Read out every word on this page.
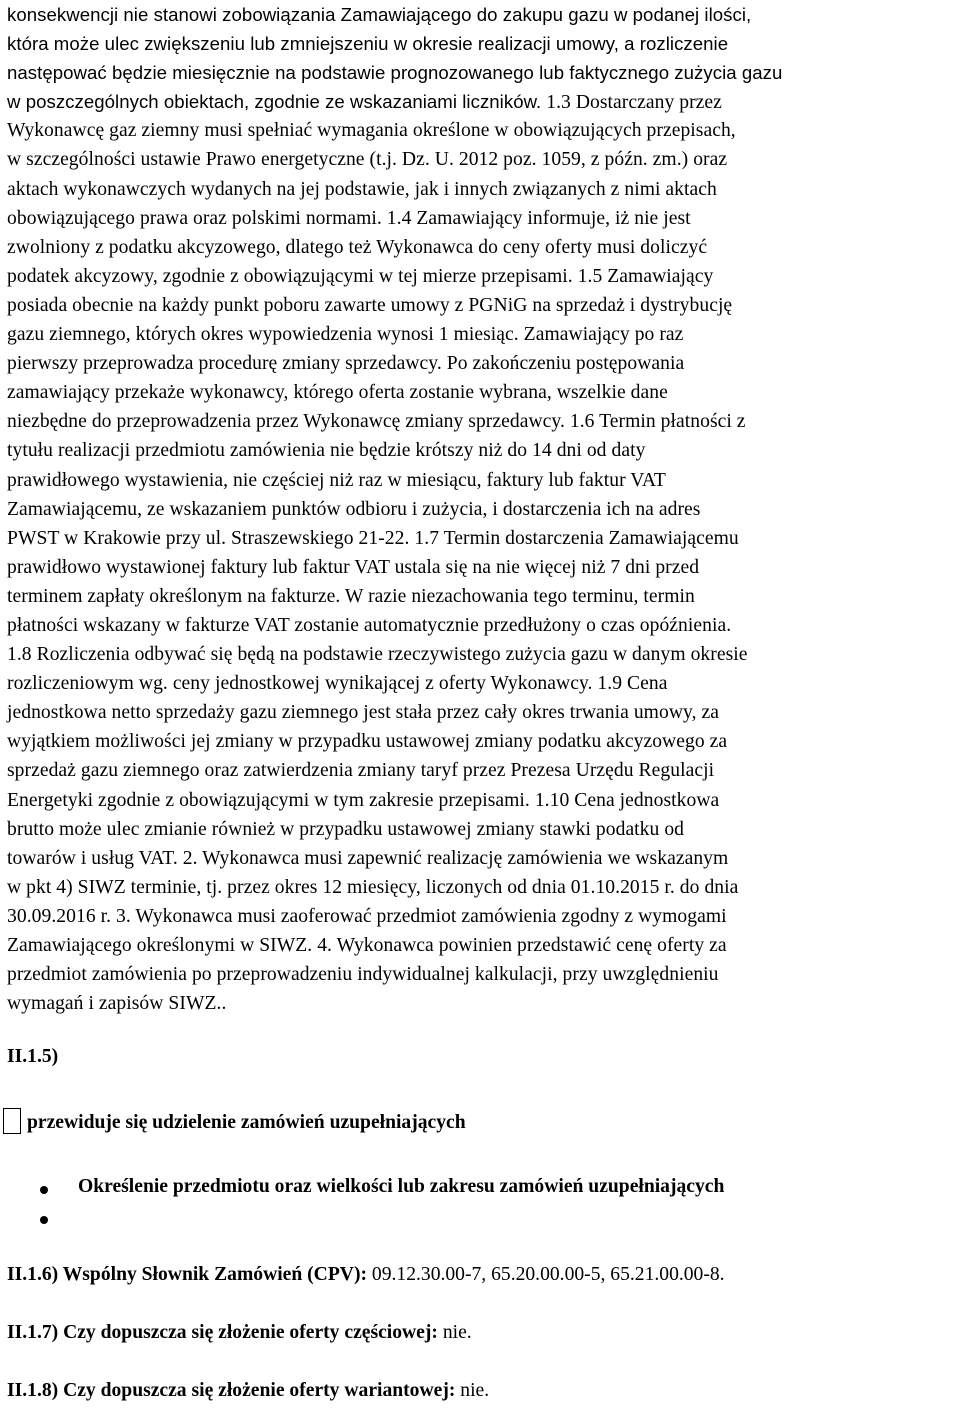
konsekwencji nie stanowi zobowiązania Zamawiającego do zakupu gazu w podanej ilości,
która może ulec zwiększeniu lub zmniejszeniu w okresie realizacji umowy, a rozliczenie
następować będzie miesięcznie na podstawie prognozowanego lub faktycznego zużycia gazu
w poszczególnych obiektach, zgodnie ze wskazaniami liczników. 1.3 Dostarczany przez
Wykonawcę gaz ziemny musi spełniać wymagania określone w obowiązujących przepisach,
w szczególności ustawie Prawo energetyczne (t.j. Dz. U. 2012 poz. 1059, z późn. zm.) oraz
aktach wykonawczych wydanych na jej podstawie, jak i innych związanych z nimi aktach
obowiązującego prawa oraz polskimi normami. 1.4 Zamawiający informuje, iż nie jest
zwolniony z podatku akcyzowego, dlatego też Wykonawca do ceny oferty musi doliczyć
podatek akcyzowy, zgodnie z obowiązującymi w tej mierze przepisami. 1.5 Zamawiający
posiada obecnie na każdy punkt poboru zawarte umowy z PGNiG na sprzedaż i dystrybucję
gazu ziemnego, których okres wypowiedzenia wynosi 1 miesiąc. Zamawiający po raz
pierwszy przeprowadza procedurę zmiany sprzedawcy. Po zakończeniu postępowania
zamawiający przekaże wykonawcy, którego oferta zostanie wybrana, wszelkie dane
niezbędne do przeprowadzenia przez Wykonawcę zmiany sprzedawcy. 1.6 Termin płatności z
tytułu realizacji przedmiotu zamówienia nie będzie krótszy niż do 14 dni od daty
prawidłowego wystawienia, nie częściej niż raz w miesiącu, faktury lub faktur VAT
Zamawiającemu, ze wskazaniem punktów odbioru i zużycia, i dostarczenia ich na adres
PWST w Krakowie przy ul. Straszewskiego 21-22. 1.7 Termin dostarczenia Zamawiającemu
prawidłowo wystawionej faktury lub faktur VAT ustala się na nie więcej niż 7 dni przed
terminem zapłaty określonym na fakturze. W razie niezachowania tego terminu, termin
płatności wskazany w fakturze VAT zostanie automatycznie przedłużony o czas opóźnienia.
1.8 Rozliczenia odbywać się będą na podstawie rzeczywistego zużycia gazu w danym okresie
rozliczeniowym wg. ceny jednostkowej wynikającej z oferty Wykonawcy. 1.9 Cena
jednostkowa netto sprzedaży gazu ziemnego jest stała przez cały okres trwania umowy, za
wyjątkiem możliwości jej zmiany w przypadku ustawowej zmiany podatku akcyzowego za
sprzedaż gazu ziemnego oraz zatwierdzenia zmiany taryf przez Prezesa Urzędu Regulacji
Energetyki zgodnie z obowiązującymi w tym zakresie przepisami. 1.10 Cena jednostkowa
brutto może ulec zmianie również w przypadku ustawowej zmiany stawki podatku od
towarów i usług VAT. 2. Wykonawca musi zapewnić realizację zamówienia we wskazanym
w pkt 4) SIWZ terminie, tj. przez okres 12 miesięcy, liczonych od dnia 01.10.2015 r. do dnia
30.09.2016 r. 3. Wykonawca musi zaoferować przedmiot zamówienia zgodny z wymogami
Zamawiającego określonymi w SIWZ. 4. Wykonawca powinien przedstawić cenę oferty za
przedmiot zamówienia po przeprowadzeniu indywidualnej kalkulacji, przy uwzględnieniu
wymagań i zapisów SIWZ..
II.1.5)
przewiduje się udzielenie zamówień uzupełniających
Określenie przedmiotu oraz wielkości lub zakresu zamówień uzupełniających
II.1.6) Wspólny Słownik Zamówień (CPV): 09.12.30.00-7, 65.20.00.00-5, 65.21.00.00-8.
II.1.7) Czy dopuszcza się złożenie oferty częściowej: nie.
II.1.8) Czy dopuszcza się złożenie oferty wariantowej: nie.
